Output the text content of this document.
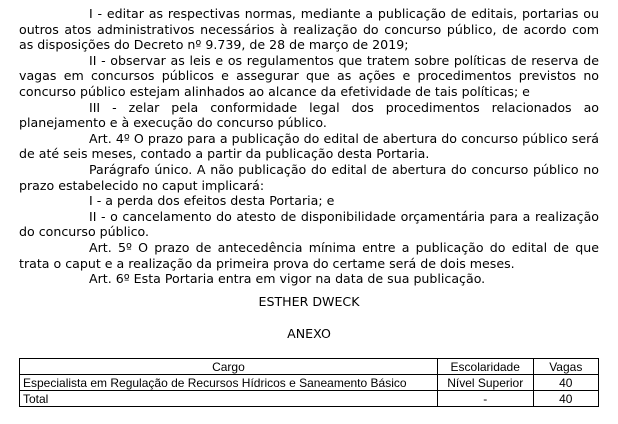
I - editar as respectivas normas, mediante a publicação de editais, portarias ou outros atos administrativos necessários à realização do concurso público, de acordo com as disposições do Decreto nº 9.739, de 28 de março de 2019;

II - observar as leis e os regulamentos que tratem sobre políticas de reserva de vagas em concursos públicos e assegurar que as ações e procedimentos previstos no concurso público estejam alinhados ao alcance da efetividade de tais políticas; e

III - zelar pela conformidade legal dos procedimentos relacionados ao planejamento e à execução do concurso público.

Art. 4º O prazo para a publicação do edital de abertura do concurso público será de até seis meses, contado a partir da publicação desta Portaria.

Parágrafo único. A não publicação do edital de abertura do concurso público no prazo estabelecido no caput implicará:

I - a perda dos efeitos desta Portaria; e

II - o cancelamento do atesto de disponibilidade orçamentária para a realização do concurso público.

Art. 5º O prazo de antecedência mínima entre a publicação do edital de que trata o caput e a realização da primeira prova do certame será de dois meses.

Art. 6º Esta Portaria entra em vigor na data de sua publicação.

ESTHER DWECK

ANEXO

Cargo	Escolaridade	Vagas
Especialista em Regulação de Recursos Hídricos e Saneamento Básico	Nível Superior	40
Total	-	40
